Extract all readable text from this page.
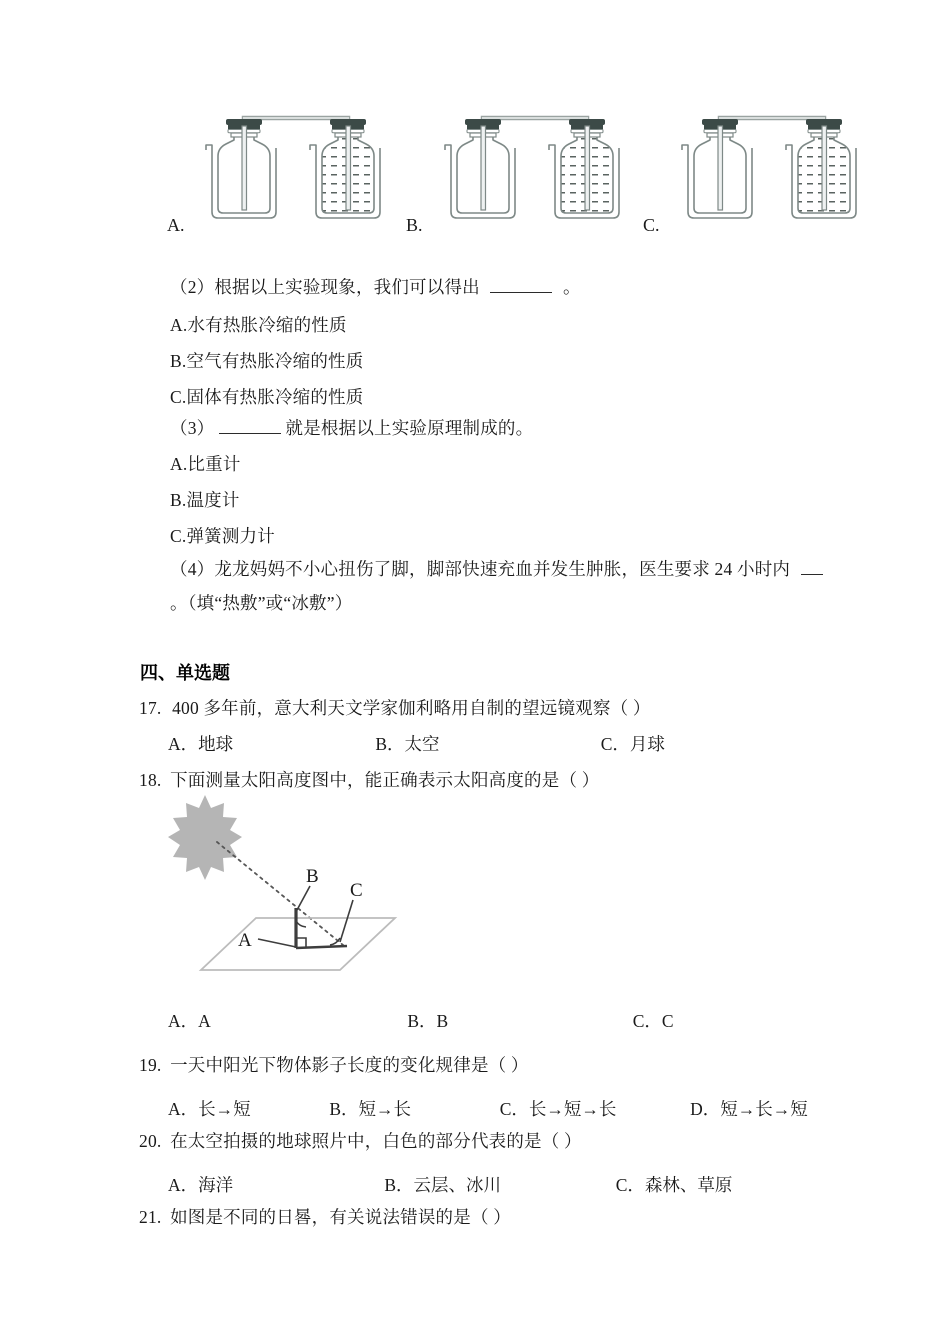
A.	B.	C.
（2）根据以上实验现象，我们可以得出	。
A.水有热胀冷缩的性质
B.空气有热胀冷缩的性质
C.固体有热胀冷缩的性质
（3）	就是根据以上实验原理制成的。
A.比重计
B.温度计
C.弹簧测力计
（4）龙龙妈妈不小心扭伤了脚，脚部快速充血并发生肿胀，医生要求 24 小时内
。（填“热敷”或“冰敷”）
四、单选题
17. 400 多年前，意大利天文学家伽利略用自制的望远镜观察（ ）
A．地球	B．太空	C．月球
18. 下面测量太阳高度图中，能正确表示太阳高度的是（ ）
A
B
C
A．A	B．B	C．C
19. 一天中阳光下物体影子长度的变化规律是（ ）
A．长→短	B．短→长	C．长→短→长	D．短→长→短
20. 在太空拍摄的地球照片中，白色的部分代表的是（ ）
A．海洋	B．云层、冰川	C．森林、草原
21. 如图是不同的日晷，有关说法错误的是（ ）
